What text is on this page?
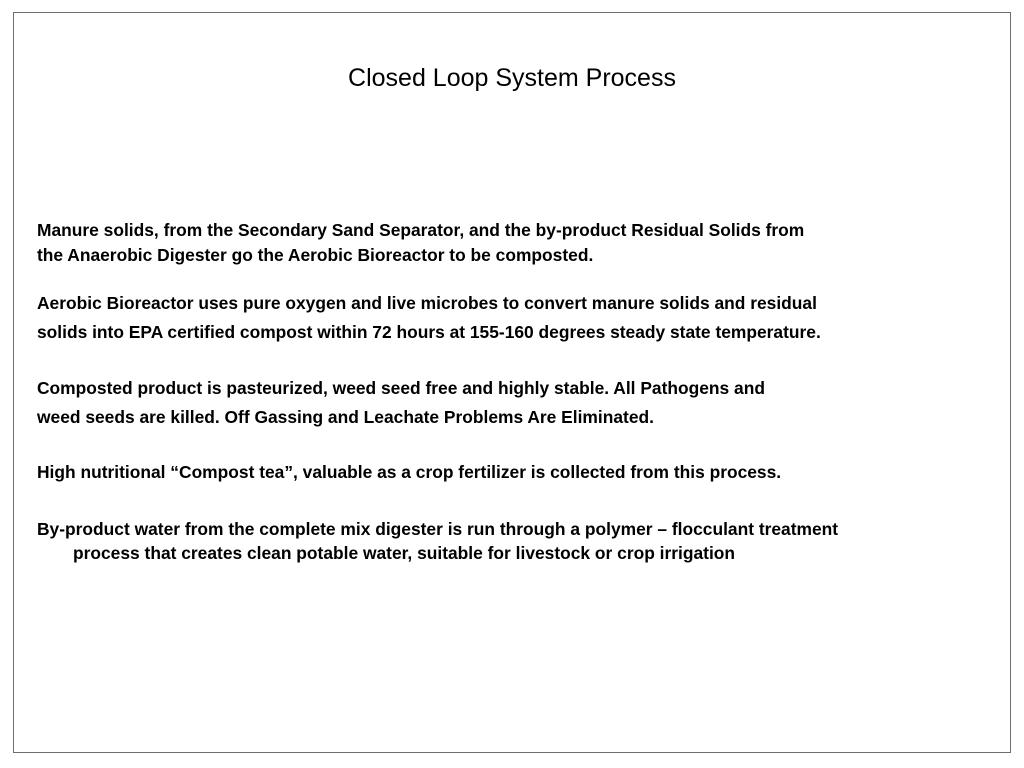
Closed Loop System Process

Manure solids, from the Secondary Sand Separator, and the by-product Residual Solids from
the Anaerobic Digester go the Aerobic Bioreactor to be composted.

Aerobic Bioreactor uses pure oxygen and live microbes to convert manure solids and residual
solids into EPA certified compost within 72 hours at 155-160 degrees steady state temperature.

Composted product is pasteurized, weed seed free and highly stable. All Pathogens and
weed seeds are killed. Off Gassing and Leachate Problems Are Eliminated.

High nutritional “Compost tea”, valuable as a crop fertilizer is collected from this process.

By-product water from the complete mix digester is run through a polymer – flocculant treatment
process that creates clean potable water, suitable for livestock or crop irrigation
